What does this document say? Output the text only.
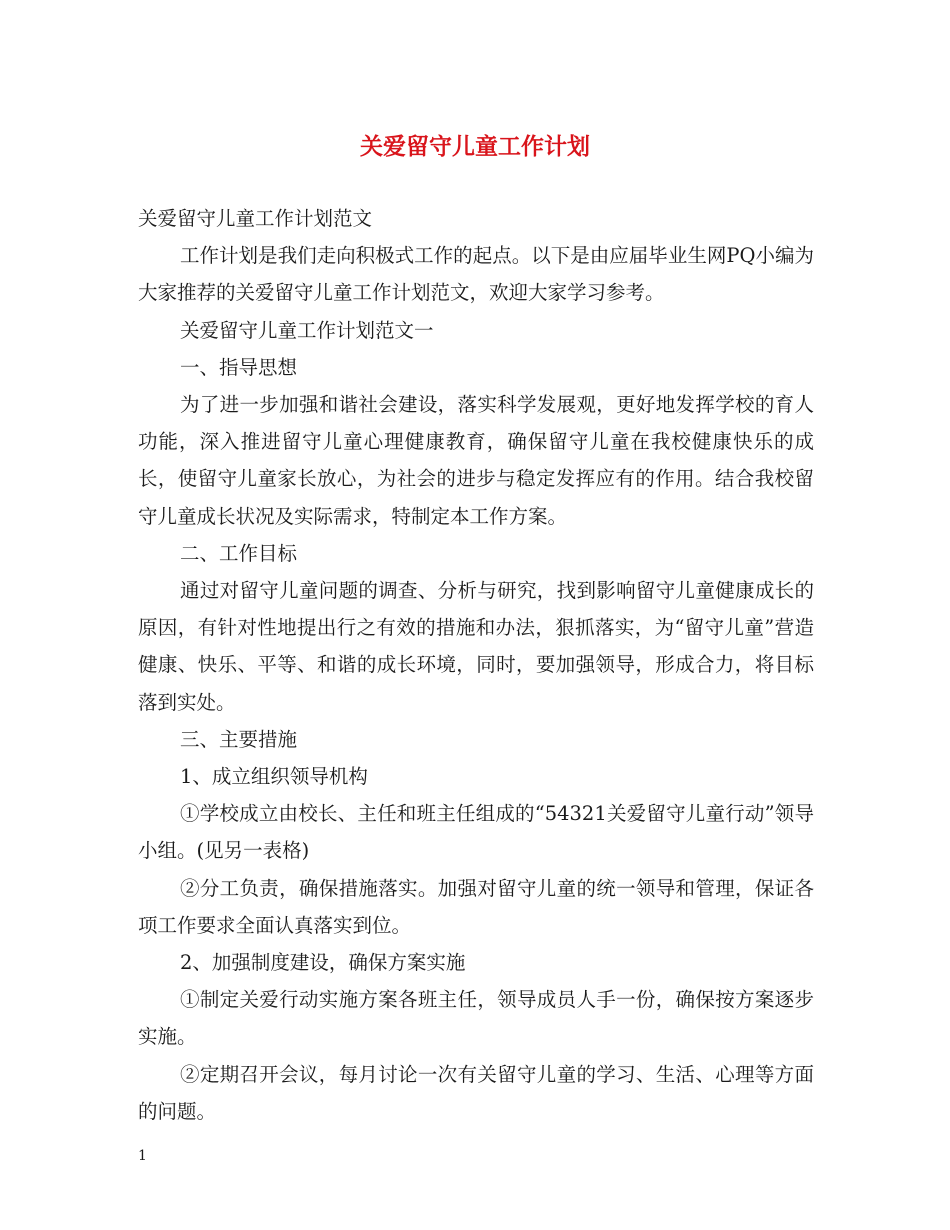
关爱留守儿童工作计划

关爱留守儿童工作计划范文

工作计划是我们走向积极式工作的起点。以下是由应届毕业生网PQ小编为大家推荐的关爱留守儿童工作计划范文，欢迎大家学习参考。

关爱留守儿童工作计划范文一

一、指导思想

为了进一步加强和谐社会建设，落实科学发展观，更好地发挥学校的育人功能，深入推进留守儿童心理健康教育，确保留守儿童在我校健康快乐的成长，使留守儿童家长放心，为社会的进步与稳定发挥应有的作用。结合我校留守儿童成长状况及实际需求，特制定本工作方案。

二、工作目标

通过对留守儿童问题的调查、分析与研究，找到影响留守儿童健康成长的原因，有针对性地提出行之有效的措施和办法，狠抓落实，为“留守儿童”营造健康、快乐、平等、和谐的成长环境，同时，要加强领导，形成合力，将目标落到实处。

三、主要措施

1、成立组织领导机构

①学校成立由校长、主任和班主任组成的“54321关爱留守儿童行动”领导小组。(见另一表格)

②分工负责，确保措施落实。加强对留守儿童的统一领导和管理，保证各项工作要求全面认真落实到位。

2、加强制度建设，确保方案实施

①制定关爱行动实施方案各班主任，领导成员人手一份，确保按方案逐步实施。

②定期召开会议，每月讨论一次有关留守儿童的学习、生活、心理等方面的问题。

1
